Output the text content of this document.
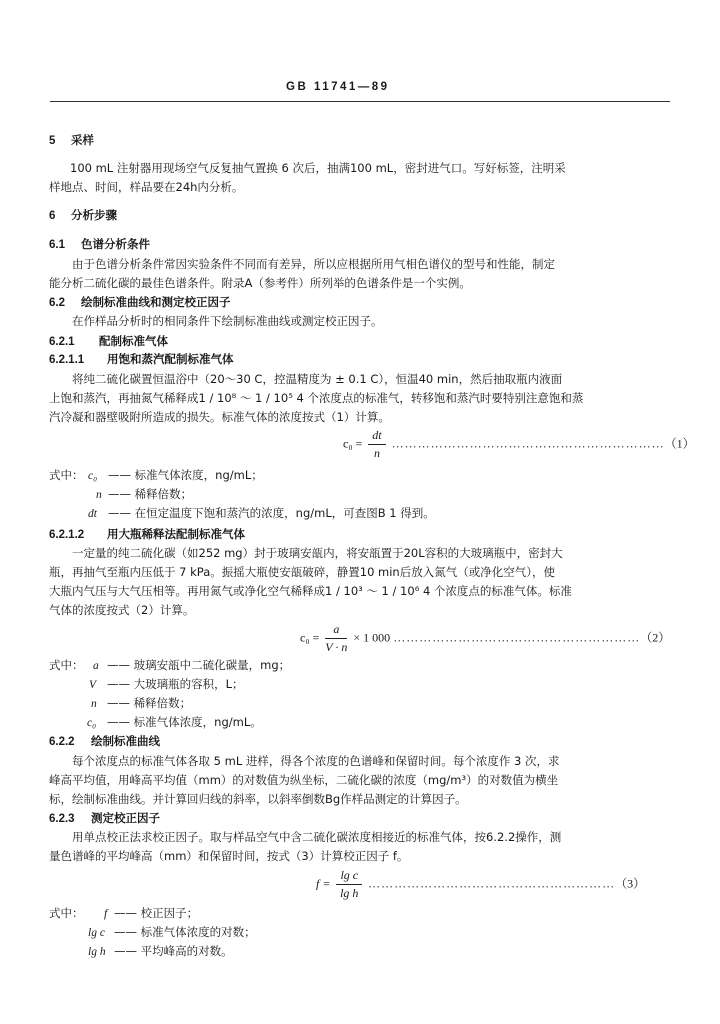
GB 11741—89
5 采样
100 mL 注射器用现场空气反复抽气置换 6 次后，抽满100 mL，密封进气口。写好标签，注明采
样地点、时间，样品要在24h内分析。
6 分析步骤
6.1 色谱分析条件
由于色谱分析条件常因实验条件不同而有差异，所以应根据所用气相色谱仪的型号和性能，制定
能分析二硫化碳的最佳色谱条件。附录A（参考件）所列举的色谱条件是一个实例。
6.2 绘制标准曲线和测定校正因子
在作样品分析时的相同条件下绘制标准曲线或测定校正因子。
6.2.1 配制标准气体
6.2.1.1 用饱和蒸汽配制标准气体
将纯二硫化碳置恒温浴中（20～30 C，控温精度为 ± 0.1 C），恒温40 min，然后抽取瓶内液面
上饱和蒸汽，再抽氮气稀释成1 / 10⁸ ～ 1 / 10⁵ 4 个浓度点的标准气，转移饱和蒸汽时要特别注意饱和蒸
汽冷凝和器壁吸附所造成的损失。标准气体的浓度按式（1）计算。
$c_0 = \frac{dt}{n}$ ………………………………………………………（1）
式中： c₀ —— 标准气体浓度，ng/mL；
n —— 稀释倍数；
dt —— 在恒定温度下饱和蒸汽的浓度，ng/mL，可查图B 1 得到。
6.2.1.2 用大瓶稀释法配制标准气体
一定量的纯二硫化碳（如252 mg）封于玻璃安瓿内，将安瓿置于20L容积的大玻璃瓶中，密封大
瓶，再抽气至瓶内压低于 7 kPa。振摇大瓶使安瓿破碎，静置10 min后放入氮气（或净化空气），使
大瓶内气压与大气压相等。再用氮气或净化空气稀释成1 / 10³ ～ 1 / 10⁶ 4 个浓度点的标准气体。标准
气体的浓度按式（2）计算。
$c_0 = \frac{a}{V \cdot n} \times 1$ 000 …………………………………………………（2）
式中： a —— 玻璃安瓿中二硫化碳量，mg；
V —— 大玻璃瓶的容积，L；
n —— 稀释倍数；
c₀ —— 标准气体浓度，ng/mL。
6.2.2 绘制标准曲线
每个浓度点的标准气体各取 5 mL 进样，得各个浓度的色谱峰和保留时间。每个浓度作 3 次，求
峰高平均值，用峰高平均值（mm）的对数值为纵坐标，二硫化碳的浓度（mg/m³）的对数值为横坐
标，绘制标准曲线。并计算回归线的斜率，以斜率倒数Bg作样品测定的计算因子。
6.2.3 测定校正因子
用单点校正法求校正因子。取与样品空气中含二硫化碳浓度相接近的标准气体，按6.2.2操作，测
量色谱峰的平均峰高（mm）和保留时间，按式（3）计算校正因子 f。
$f = \frac{\text{lg c}}{\text{lg h}}$ …………………………………………………（3）
式中： f —— 校正因子；
lg c —— 标准气体浓度的对数；
lg h —— 平均峰高的对数。
